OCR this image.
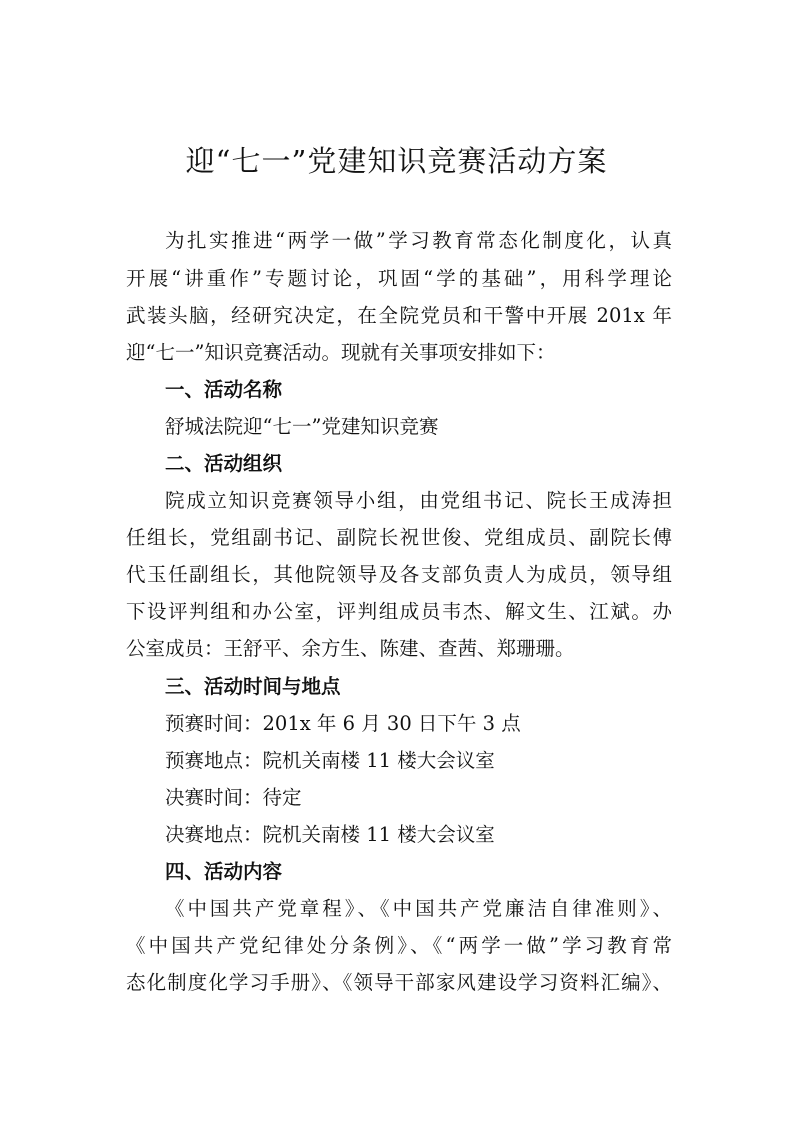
迎“七一”党建知识竞赛活动方案
为扎实推进“两学一做”学习教育常态化制度化，认真
开展“讲重作”专题讨论，巩固“学的基础”，用科学理论
武装头脑，经研究决定，在全院党员和干警中开展 201x 年
迎“七一”知识竞赛活动。现就有关事项安排如下：
一、活动名称
舒城法院迎“七一”党建知识竞赛
二、活动组织
院成立知识竞赛领导小组，由党组书记、院长王成涛担
任组长，党组副书记、副院长祝世俊、党组成员、副院长傅
代玉任副组长，其他院领导及各支部负责人为成员，领导组
下设评判组和办公室，评判组成员韦杰、解文生、江斌。办
公室成员：王舒平、余方生、陈建、查茜、郑珊珊。
三、活动时间与地点
预赛时间：201x 年 6 月 30 日下午 3 点
预赛地点：院机关南楼 11 楼大会议室
决赛时间：待定
决赛地点：院机关南楼 11 楼大会议室
四、活动内容
《中国共产党章程》、《中国共产党廉洁自律准则》、
《中国共产党纪律处分条例》、《“两学一做”学习教育常
态化制度化学习手册》、《领导干部家风建设学习资料汇编》、
